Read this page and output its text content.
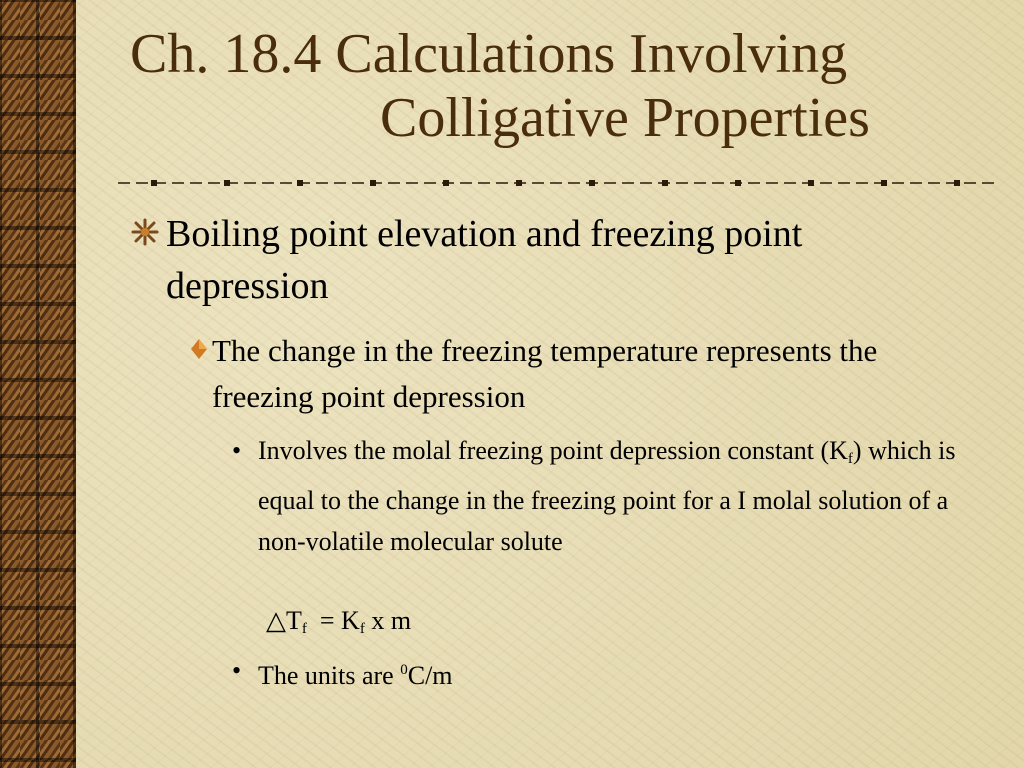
Ch. 18.4 Calculations Involving
Colligative Properties
Boiling point elevation and freezing point depression
The change in the freezing temperature represents the freezing point depression
• Involves the molal freezing point depression constant $(K_f)$ which is equal to the change in the freezing point for a I molal solution of a non-volatile molecular solute
$\triangle T_f = K_f$ x m
• The units are $^0$C/m
